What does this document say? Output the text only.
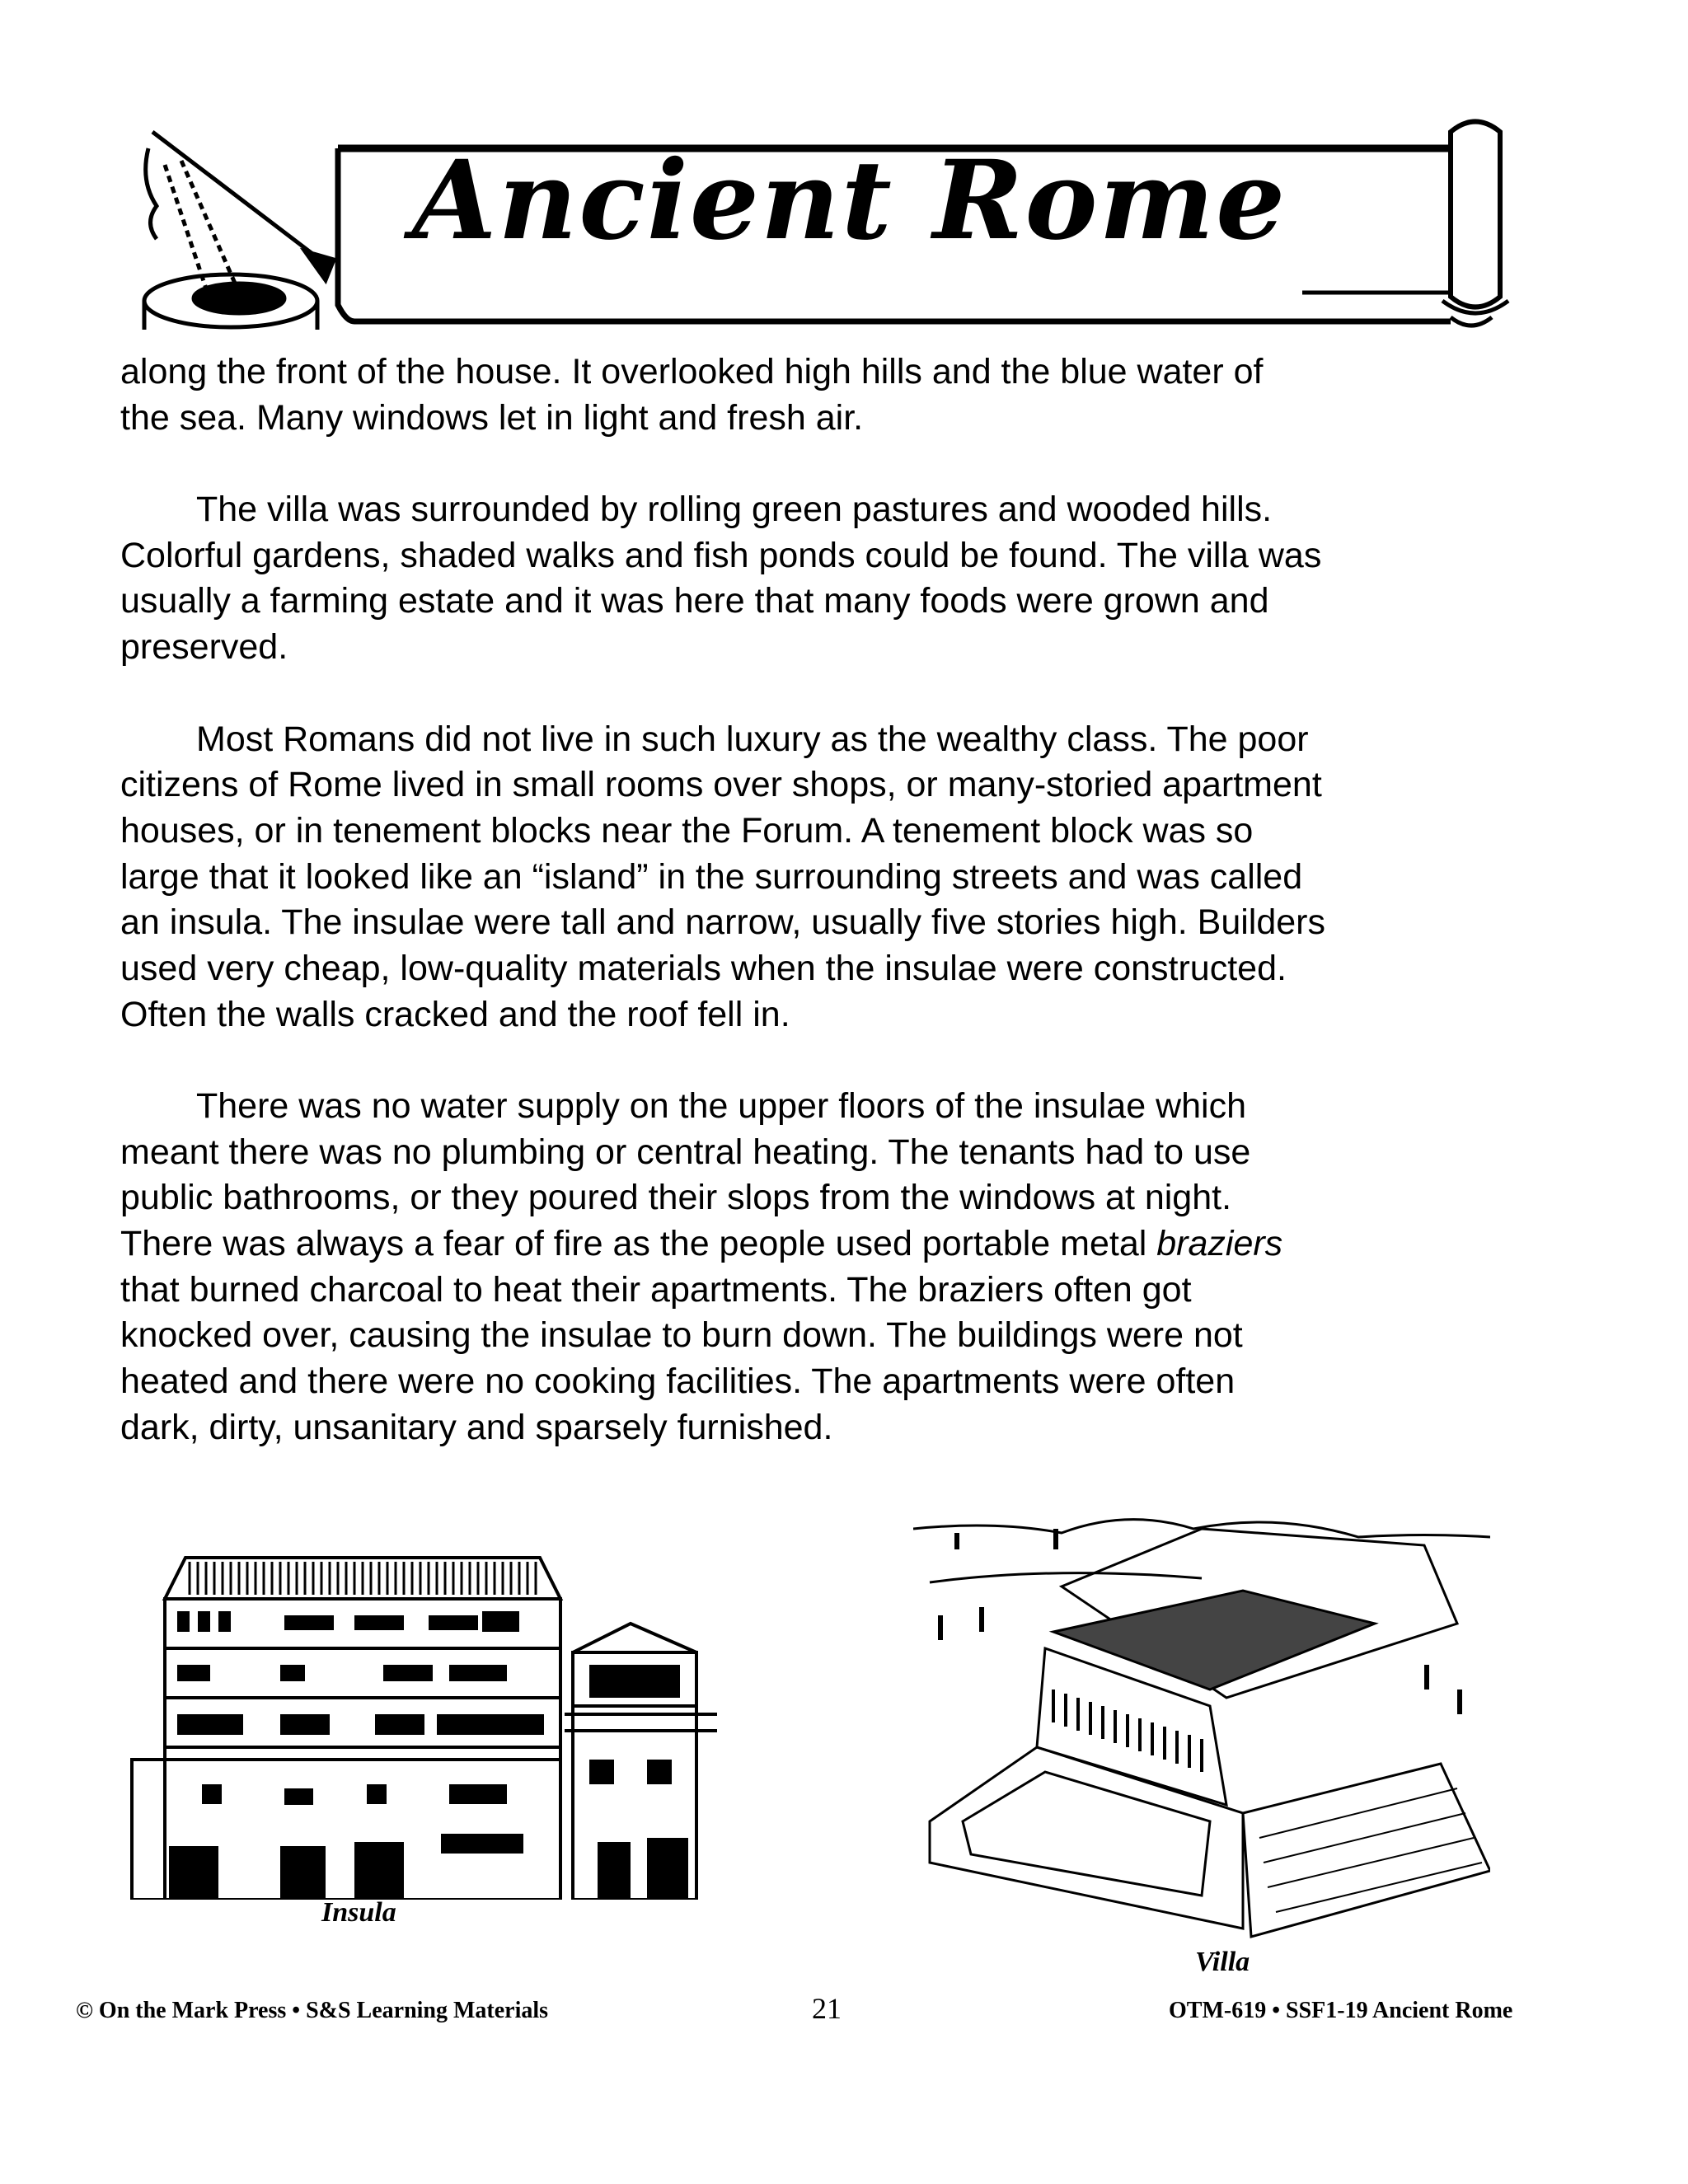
Ancient Rome
along the front of the house. It overlooked high hills and the blue water of
the sea. Many windows let in light and fresh air.
The villa was surrounded by rolling green pastures and wooded hills.
Colorful gardens, shaded walks and fish ponds could be found. The villa was
usually a farming estate and it was here that many foods were grown and
preserved.
Most Romans did not live in such luxury as the wealthy class. The poor
citizens of Rome lived in small rooms over shops, or many-storied apartment
houses, or in tenement blocks near the Forum. A tenement block was so
large that it looked like an “island” in the surrounding streets and was called
an insula. The insulae were tall and narrow, usually five stories high. Builders
used very cheap, low-quality materials when the insulae were constructed.
Often the walls cracked and the roof fell in.
There was no water supply on the upper floors of the insulae which
meant there was no plumbing or central heating. The tenants had to use
public bathrooms, or they poured their slops from the windows at night.
There was always a fear of fire as the people used portable metal braziers
that burned charcoal to heat their apartments. The braziers often got
knocked over, causing the insulae to burn down. The buildings were not
heated and there were no cooking facilities. The apartments were often
dark, dirty, unsanitary and sparsely furnished.
Insula
Villa
© On the Mark Press • S&S Learning Materials	21	OTM-619 • SSF1-19 Ancient Rome
